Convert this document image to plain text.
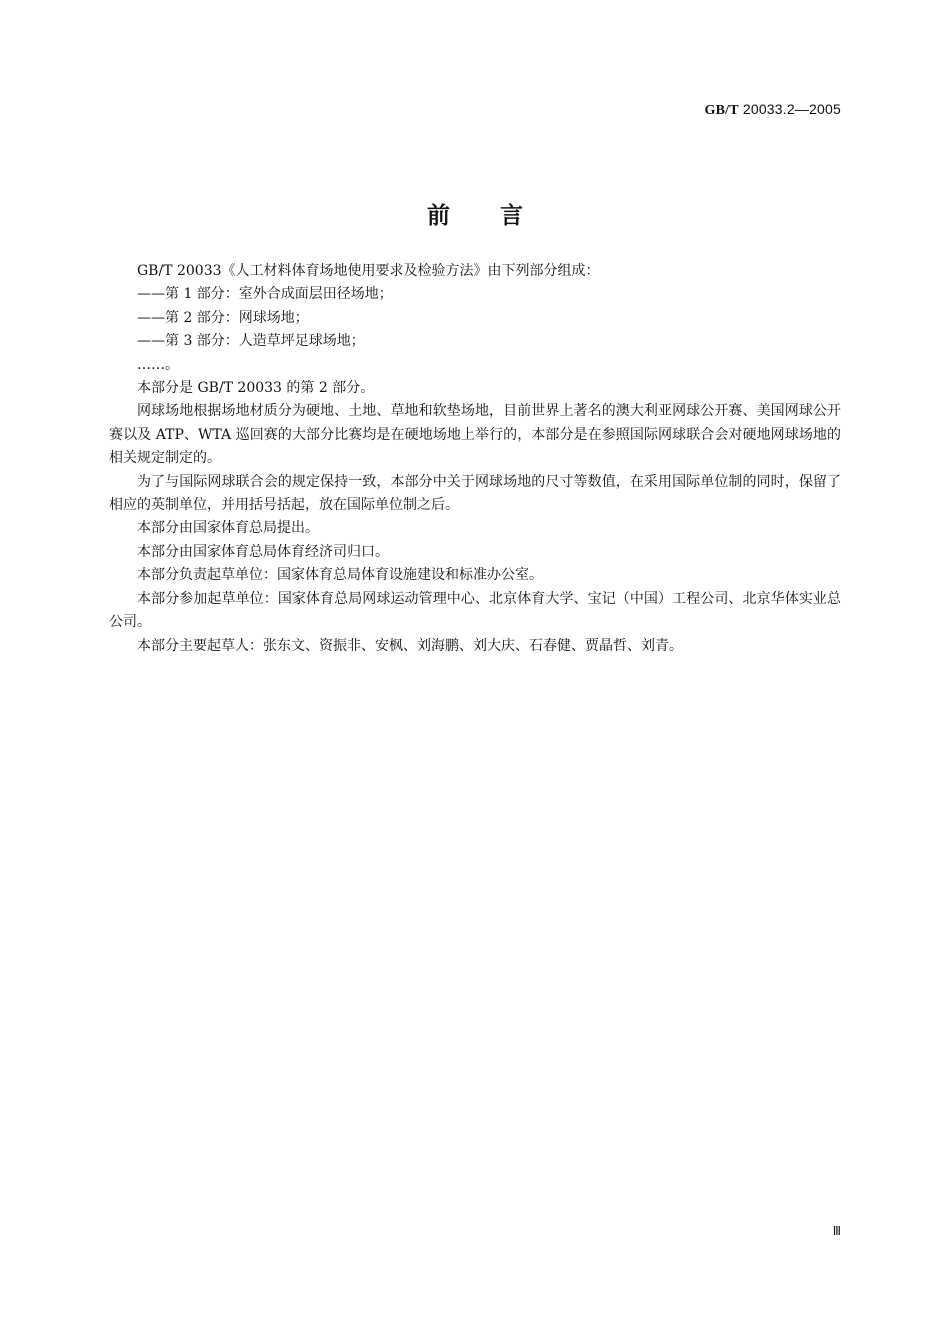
GB/T 20033.2—2005
前言

GB/T 20033《人工材料体育场地使用要求及检验方法》由下列部分组成：

——第 1 部分：室外合成面层田径场地；

——第 2 部分：网球场地；

——第 3 部分：人造草坪足球场地；

……。

本部分是 GB/T 20033 的第 2 部分。

网球场地根据场地材质分为硬地、土地、草地和软垫场地，目前世界上著名的澳大利亚网球公开赛、美国网球公开赛以及 ATP、WTA 巡回赛的大部分比赛均是在硬地场地上举行的，本部分是在参照国际网球联合会对硬地网球场地的相关规定制定的。

为了与国际网球联合会的规定保持一致，本部分中关于网球场地的尺寸等数值，在采用国际单位制的同时，保留了相应的英制单位，并用括号括起，放在国际单位制之后。

本部分由国家体育总局提出。

本部分由国家体育总局体育经济司归口。

本部分负责起草单位：国家体育总局体育设施建设和标准办公室。

本部分参加起草单位：国家体育总局网球运动管理中心、北京体育大学、宝记（中国）工程公司、北京华体实业总公司。

本部分主要起草人：张东文、资振非、安枫、刘海鹏、刘大庆、石春健、贾晶哲、刘青。

Ⅲ
